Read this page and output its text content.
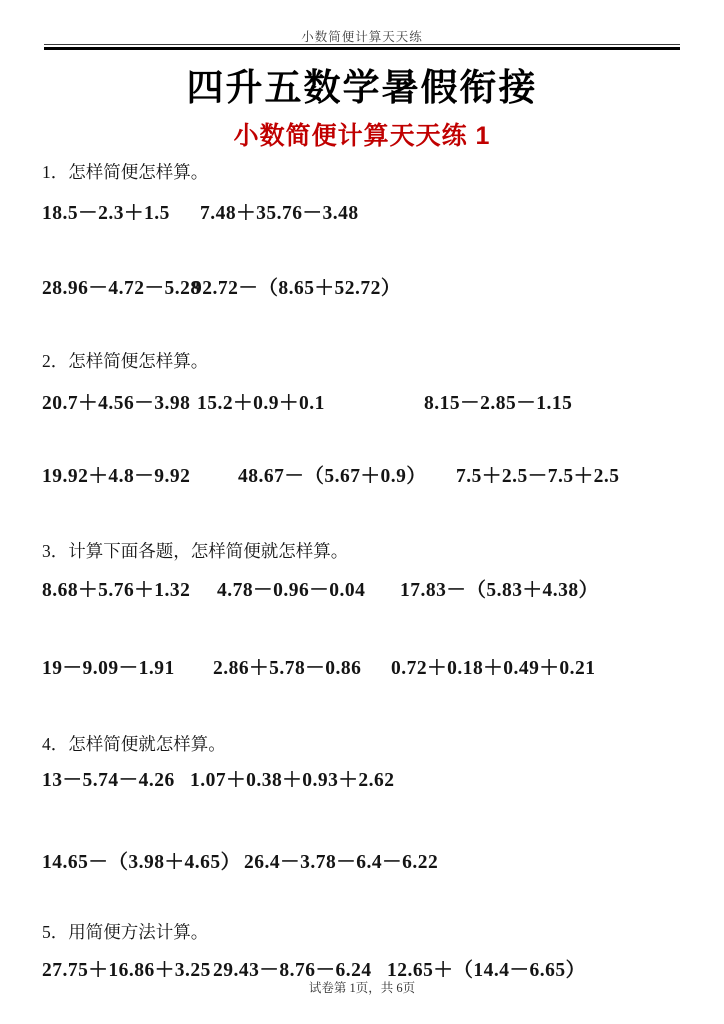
小数简便计算天天练
四升五数学暑假衔接
小数简便计算天天练 1
1．怎样简便怎样算。
18.5－2.3＋1.5 7.48＋35.76－3.48
28.96－4.72－5.28
92.72－（8.65＋52.72）
2．怎样简便怎样算。
20.7＋4.56－3.98 15.2＋0.9＋0.1	8.15－2.85－1.15
19.92＋4.8－9.92 48.67－（5.67＋0.9） 7.5＋2.5－7.5＋2.5
3．计算下面各题，怎样简便就怎样算。
8.68＋5.76＋1.32 4.78－0.96－0.04 17.83－（5.83＋4.38）
19－9.09－1.91 2.86＋5.78－0.86 0.72＋0.18＋0.49＋0.21
4．怎样简便就怎样算。
13－5.74－4.26 1.07＋0.38＋0.93＋2.62
14.65－（3.98＋4.65） 26.4－3.78－6.4－6.22
5．用简便方法计算。
27.75＋16.86＋3.25 29.43－8.76－6.24 12.65＋（14.4－6.65）
试卷第 1页，共 6页
